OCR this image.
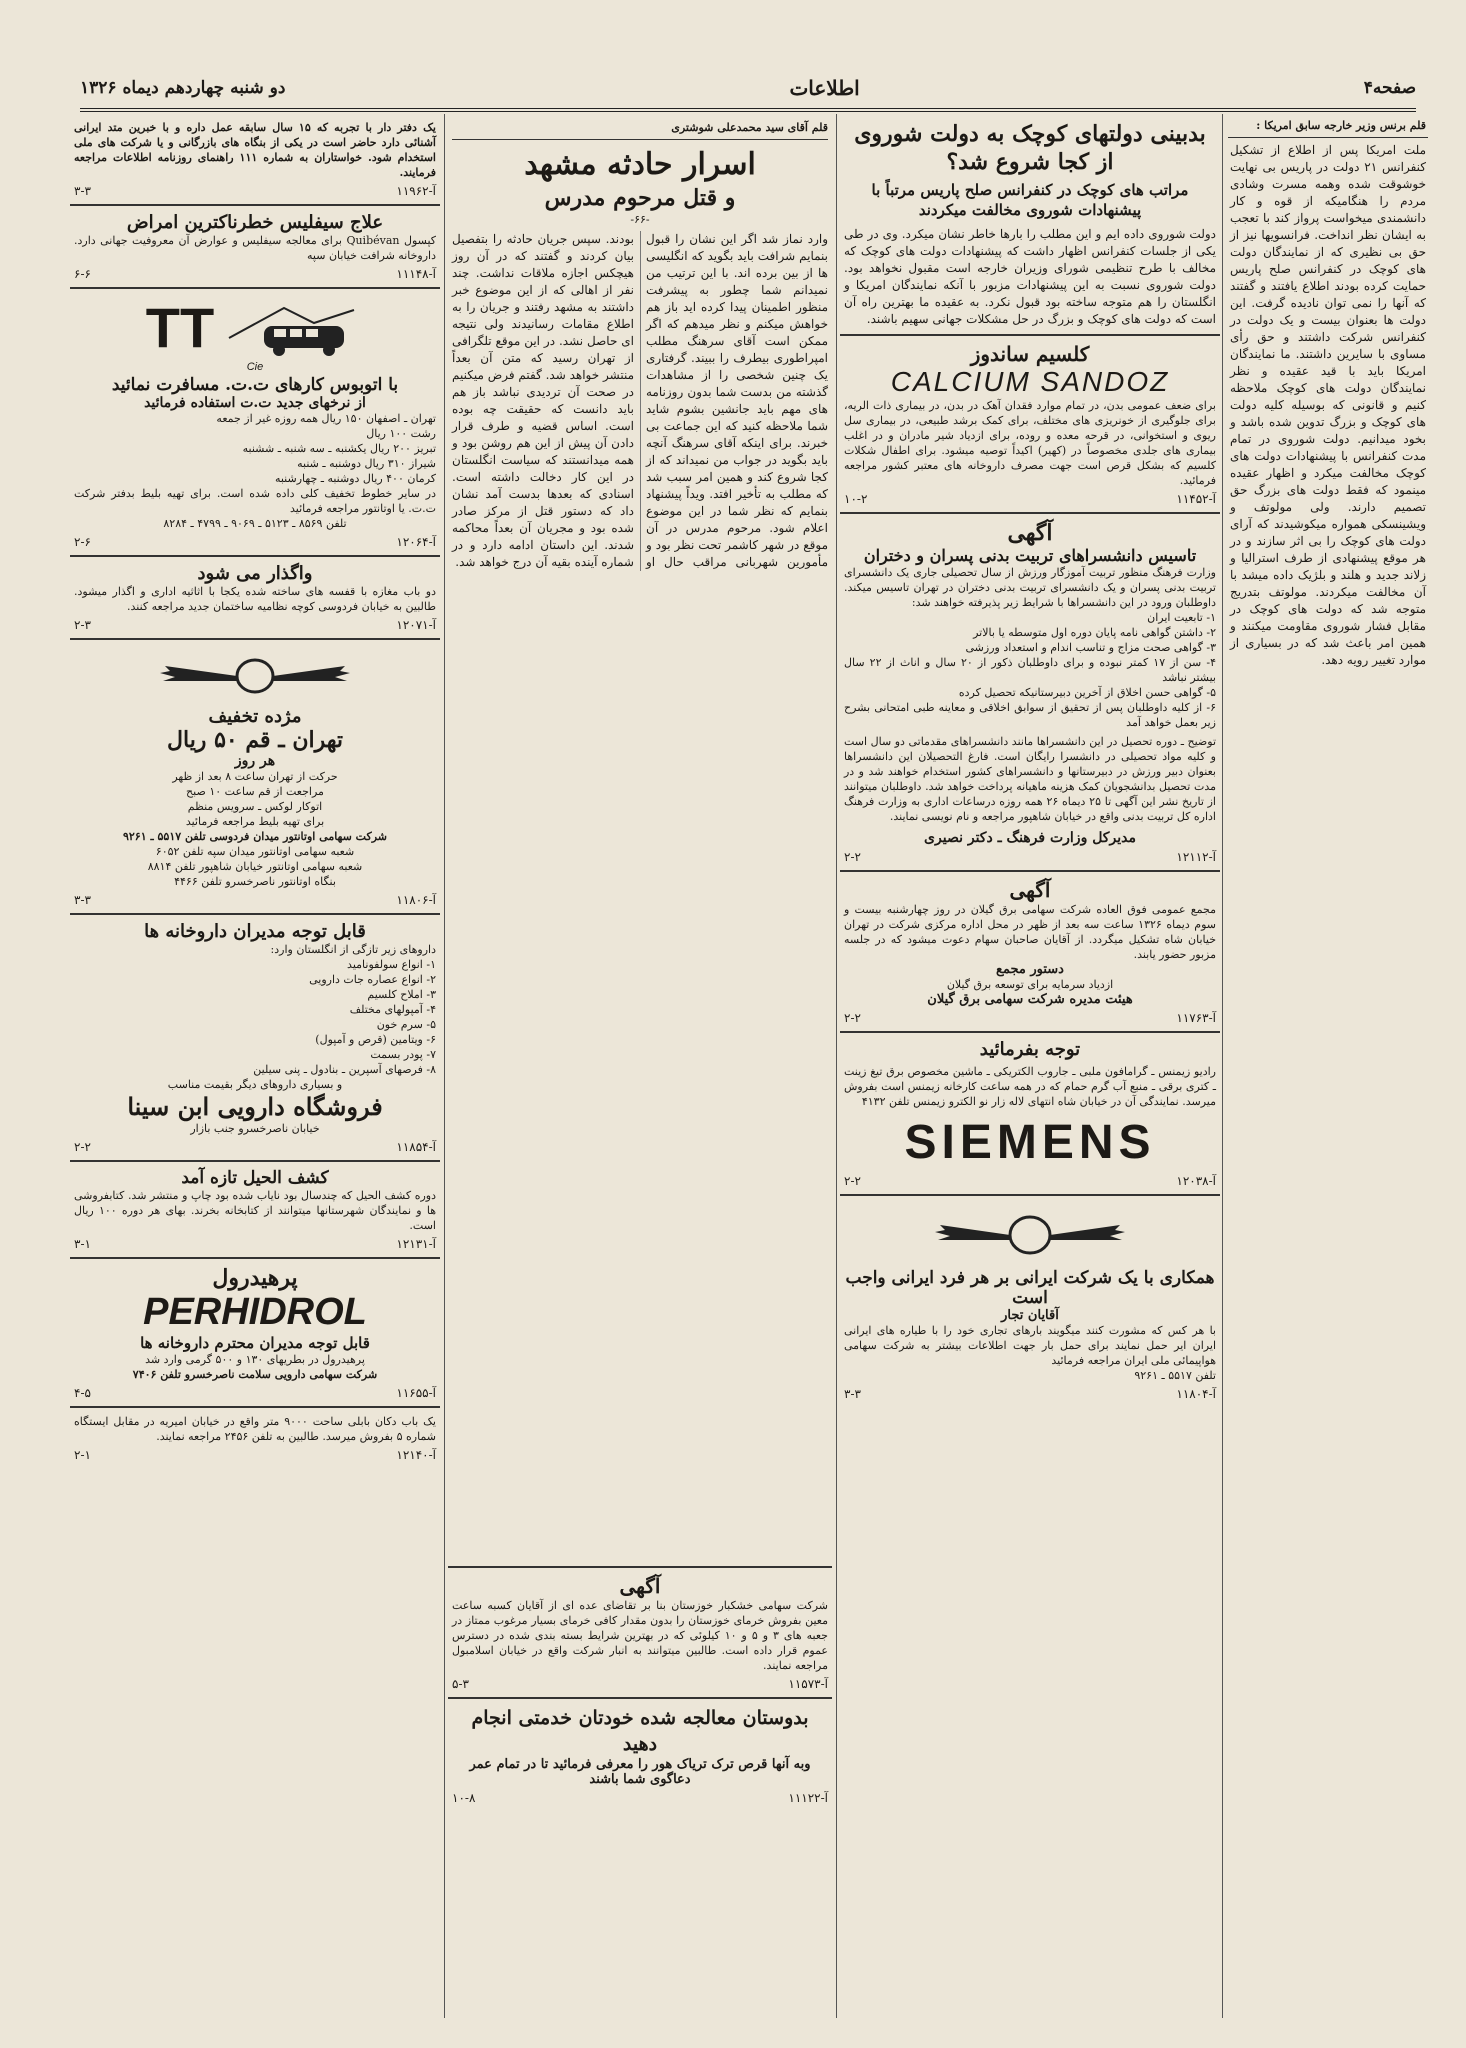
دو شنبه چهاردهم دیماه ۱۳۲۶	اطلاعات	صفحه۴
قلم برنس وزیر خارجه سابق امریکا :
ملت امریکا پس از اطلاع از تشکیل کنفرانس ۲۱ دولت در پاریس بی نهایت خوشوقت شده وهمه مسرت وشادی مردم را هنگامیکه از قوه و کار دانشمندی میخواست پرواز کند با تعجب به ایشان نظر انداخت. فرانسویها نیز از حق بی نظیری که از نمایندگان دولت های کوچک در کنفرانس صلح پاریس حمایت کرده بودند اطلاع یافتند و گفتند که آنها را نمی توان نادیده گرفت. این دولت ها بعنوان بیست و یک دولت در کنفرانس شرکت داشتند و حق رأی مساوی با سایرین داشتند. ما نمایندگان امریکا باید با قید عقیده و نظر نمایندگان دولت های کوچک ملاحظه کنیم و قانونی که بوسیله کلیه دولت های کوچک و بزرگ تدوین شده باشد و بخود میدانیم. دولت شوروی در تمام مدت کنفرانس با پیشنهادات دولت های کوچک مخالفت میکرد و اظهار عقیده مینمود که فقط دولت های بزرگ حق تصمیم دارند. ولی مولوتف و ویشینسکی همواره میکوشیدند که آرای دولت های کوچک را بی اثر سازند و در هر موقع پیشنهادی از طرف استرالیا و زلاند جدید و هلند و بلژیک داده میشد با آن مخالفت میکردند. مولوتف بتدریج متوجه شد که دولت های کوچک در مقابل فشار شوروی مقاومت میکنند و همین امر باعث شد که در بسیاری از موارد تغییر رویه دهد.
بدبینی دولتهای کوچک به دولت شوروی از کجا شروع شد؟
مراتب های کوچک در کنفرانس صلح پاریس مرتباً با پیشنهادات شوروی مخالفت میکردند
دولت شوروی داده ایم و این مطلب را بارها خاطر نشان میکرد. وی در طی یکی از جلسات کنفرانس اظهار داشت که پیشنهادات دولت های کوچک که مخالف با طرح تنظیمی شورای وزیران خارجه است مقبول نخواهد بود. دولت شوروی نسبت به این پیشنهادات مزبور با آنکه نمایندگان امریکا و انگلستان را هم متوجه ساخته بود قبول نکرد. به عقیده ما بهترین راه آن است که دولت های کوچک و بزرگ در حل مشکلات جهانی سهیم باشند.
کلسیم ساندوز
CALCIUM SANDOZ
برای ضعف عمومی بدن، در تمام موارد فقدان آهک در بدن، در بیماری ذات الریه، برای جلوگیری از خونریزی های مختلف، برای کمک برشد طبیعی، در بیماری سل ریوی و استخوانی، در قرحه معده و روده، برای ازدیاد شیر مادران و در اغلب بیماری های جلدی مخصوصاً در (کهیر) اکیداً توصیه میشود. برای اطفال شکلات کلسیم که بشکل قرص است جهت مصرف داروخانه های معتبر کشور مراجعه فرمائید.
۱۰-۲	آ-۱۱۴۵۲
آگهی
تاسیس دانشسراهای تربیت بدنی پسران و دختران
وزارت فرهنگ منظور تربیت آموزگار ورزش از سال تحصیلی جاری یک دانشسرای تربیت بدنی پسران و یک دانشسرای تربیت بدنی دختران در تهران تاسیس میکند. داوطلبان ورود در این دانشسراها با شرایط زیر پذیرفته خواهند شد:
۱- تابعیت ایران
۲- داشتن گواهی نامه پایان دوره اول متوسطه یا بالاتر
۳- گواهی صحت مزاج و تناسب اندام و استعداد ورزشی
۴- سن از ۱۷ کمتر نبوده و برای داوطلبان ذکور از ۲۰ سال و اناث از ۲۲ سال بیشتر نباشد
۵- گواهی حسن اخلاق از آخرین دبیرستانیکه تحصیل کرده
۶- از کلیه داوطلبان پس از تحقیق از سوابق اخلاقی و معاینه طبی امتحانی بشرح زیر بعمل خواهد آمد
توضیح ـ دوره تحصیل در این دانشسراها مانند دانشسراهای مقدماتی دو سال است و کلیه مواد تحصیلی در دانشسرا رایگان است. فارغ التحصیلان این دانشسراها بعنوان دبیر ورزش در دبیرستانها و دانشسراهای کشور استخدام خواهند شد و در مدت تحصیل بدانشجویان کمک هزینه ماهیانه پرداخت خواهد شد. داوطلبان میتوانند از تاریخ نشر این آگهی تا ۲۵ دیماه ۲۶ همه روزه درساعات اداری به وزارت فرهنگ اداره کل تربیت بدنی واقع در خیابان شاهپور مراجعه و نام نویسی نمایند.
مدیرکل وزارت فرهنگ ـ دکتر نصیری
۲-۲	آ-۱۲۱۱۲
آگهی
مجمع عمومی فوق العاده شرکت سهامی برق گیلان در روز چهارشنبه بیست و سوم دیماه ۱۳۲۶ ساعت سه بعد از ظهر در محل اداره مرکزی شرکت در تهران خیابان شاه تشکیل میگردد. از آقایان صاحبان سهام دعوت میشود که در جلسه مزبور حضور یابند.
دستور مجمع
ازدیاد سرمایه برای توسعه برق گیلان
هیئت مدیره شرکت سهامی برق گیلان
۲-۲	آ-۱۱۷۶۳
توجه بفرمائید
رادیو زیمنس ـ گرامافون ملبی ـ جاروب الکتریکی ـ ماشین مخصوص برق تیغ زینت ـ کتری برقی ـ منبع آب گرم حمام که در همه ساعت کارخانه زیمنس است بفروش میرسد. نمایندگی آن در خیابان شاه انتهای لاله زار نو الکترو زیمنس تلفن ۴۱۳۲
SIEMENS
۲-۲	آ-۱۲۰۳۸
همکاری با یک شرکت ایرانی بر هر فرد ایرانی واجب است
آقایان تجار
با هر کس که مشورت کنند میگویند بارهای تجاری خود را با طیاره های ایرانی ایران ایر حمل نمایند برای حمل بار جهت اطلاعات بیشتر به شرکت سهامی هواپیمائی ملی ایران مراجعه فرمائید
تلفن ۵۵۱۷ ـ ۹۲۶۱
۳-۳	آ-۱۱۸۰۴
قلم آقای سید محمدعلی شوشتری
اسرار حادثه مشهد
و قتل مرحوم مدرس
-۶۶-
وارد نماز شد اگر این نشان را قبول بنمایم شرافت باید بگوید که انگلیسی ها از بین برده اند. با این ترتیب من نمیدانم شما چطور به پیشرفت منظور اطمینان پیدا کرده اید باز هم خواهش میکنم و نظر میدهم که اگر ممکن است آقای سرهنگ مطلب امپراطوری بیطرف را ببیند. گرفتاری یک چنین شخصی را از مشاهدات گذشته من بدست شما بدون روزنامه های مهم باید جانشین بشوم شاید شما ملاحظه کنید که این جماعت بی خبرند. برای اینکه آقای سرهنگ آنچه باید بگوید در جواب من نمیداند که از کجا شروع کند و همین امر سبب شد که مطلب به تأخیر افتد. ویداً پیشنهاد بنمایم که نظر شما در این موضوع اعلام شود. مرحوم مدرس در آن موقع در شهر کاشمر تحت نظر بود و مأمورین شهربانی مراقب حال او بودند. سپس جریان حادثه را بتفصیل بیان کردند و گفتند که در آن روز هیچکس اجازه ملاقات نداشت. چند نفر از اهالی که از این موضوع خبر داشتند به مشهد رفتند و جریان را به اطلاع مقامات رسانیدند ولی نتیجه ای حاصل نشد. در این موقع تلگرافی از تهران رسید که متن آن بعداً منتشر خواهد شد. گفتم فرض میکنیم در صحت آن تردیدی نباشد باز هم باید دانست که حقیقت چه بوده است. اساس قضیه و طرف قرار دادن آن پیش از این هم روشن بود و همه میدانستند که سیاست انگلستان در این کار دخالت داشته است. اسنادی که بعدها بدست آمد نشان داد که دستور قتل از مرکز صادر شده بود و مجریان آن بعداً محاکمه شدند. این داستان ادامه دارد و در شماره آینده بقیه آن درج خواهد شد.
آگهی
شرکت سهامی خشکبار خوزستان بنا بر تقاضای عده ای از آقایان کسبه ساعت معین بفروش خرمای خوزستان را بدون مقدار کافی خرمای بسیار مرغوب ممتاز در جعبه های ۳ و ۵ و ۱۰ کیلوئی که در بهترین شرایط بسته بندی شده در دسترس عموم قرار داده است. طالبین میتوانند به انبار شرکت واقع در خیابان اسلامبول مراجعه نمایند.
۵-۳	آ-۱۱۵۷۳
بدوستان معالجه شده خودتان خدمتی انجام دهید
وبه آنها قرص ترک تریاک هور را معرفی فرمائید تا در تمام عمر دعاگوی شما باشند
۱۰-۸	آ-۱۱۱۲۲
یک دفتر دار با تجربه که ۱۵ سال سابقه عمل داره و با خبرین متد ایرانی آشنائی دارد حاضر است در یکی از بنگاه های بازرگانی و یا شرکت های ملی استخدام شود. خواستاران به شماره ۱۱۱ راهنمای روزنامه اطلاعات مراجعه فرمایند.
۳-۳	آ-۱۱۹۶۲
علاج سیفلیس خطرناکترین امراض
کپسول Quibévan برای معالجه سیفلیس و عوارض آن معروفیت جهانی دارد. داروخانه شرافت خیابان سپه
۶-۶	آ-۱۱۱۴۸
TT
Cie
با اتوبوس کارهای ت.ت. مسافرت نمائید
از نرخهای جدید ت.ت استفاده فرمائید
تهران ـ اصفهان ۱۵۰ ریال همه روزه غیر از جمعه
رشت ۱۰۰ ریال
تبریز ۲۰۰ ریال یکشنبه ـ سه شنبه ـ ششنبه
شیراز ۳۱۰ ریال دوشنبه ـ شنبه
کرمان ۴۰۰ ریال دوشنبه ـ چهارشنبه
در سایر خطوط تخفیف کلی داده شده است. برای تهیه بلیط بدفتر شرکت ت.ت. یا اوتانتور مراجعه فرمائید
تلفن ۸۵۶۹ ـ ۵۱۲۳ ـ ۹۰۶۹ ـ ۴۷۹۹ ـ ۸۲۸۴
۲-۶	آ-۱۲۰۶۴
واگذار می شود
دو باب مغازه با قفسه های ساخته شده یکجا با اثاثیه اداری و اگذار میشود. طالبین به خیابان فردوسی کوچه نظامیه ساختمان جدید مراجعه کنند.
۲-۳	آ-۱۲۰۷۱
مژده تخفیف
تهران ـ قم ۵۰ ریال
هر روز
حرکت از تهران ساعت ۸ بعد از ظهر
مراجعت از قم ساعت ۱۰ صبح
اتوکار لوکس ـ سرویس منظم
برای تهیه بلیط مراجعه فرمائید
شرکت سهامی اوتانتور میدان فردوسی تلفن ۵۵۱۷ ـ ۹۲۶۱
شعبه سهامی اوتانتور میدان سپه تلفن ۶۰۵۲
شعبه سهامی اوتانتور خیابان شاهپور تلفن ۸۸۱۴
بنگاه اوتانتور ناصرخسرو تلفن ۴۴۶۶
۳-۳	آ-۱۱۸۰۶
قابل توجه مدیران داروخانه ها
داروهای زیر تازگی از انگلستان وارد:
۱- انواع سولفونامید
۲- انواع عصاره جات دارویی
۳- املاح کلسیم
۴- آمپولهای مختلف
۵- سرم خون
۶- ویتامین (قرص و آمپول)
۷- پودر بسمت
۸- فرصهای آسپرین ـ بنادول ـ پنی سیلین
و بسیاری داروهای دیگر بقیمت مناسب
فروشگاه دارویی ابن سینا
خیابان ناصرخسرو جنب بازار
۲-۲	آ-۱۱۸۵۴
کشف الحیل تازه آمد
دوره کشف الحیل که چندسال بود نایاب شده بود چاپ و منتشر شد. کتابفروشی ها و نمایندگان شهرستانها میتوانند از کتابخانه بخرند. بهای هر دوره ۱۰۰ ریال است.
۳-۱	آ-۱۲۱۳۱
پرهیدرول
PERHIDROL
قابل توجه مدیران محترم داروخانه ها
پرهیدرول در بطریهای ۱۳۰ و ۵۰۰ گرمی وارد شد
شرکت سهامی دارویی سلامت ناصرخسرو تلفن ۷۴۰۶
۴-۵	آ-۱۱۶۵۵
یک باب دکان بابلی ساحت ۹۰۰۰ متر واقع در خیابان امیریه در مقابل ایستگاه شماره ۵ بفروش میرسد. طالبین به تلفن ۲۴۵۶ مراجعه نمایند.
۲-۱	آ-۱۲۱۴۰
